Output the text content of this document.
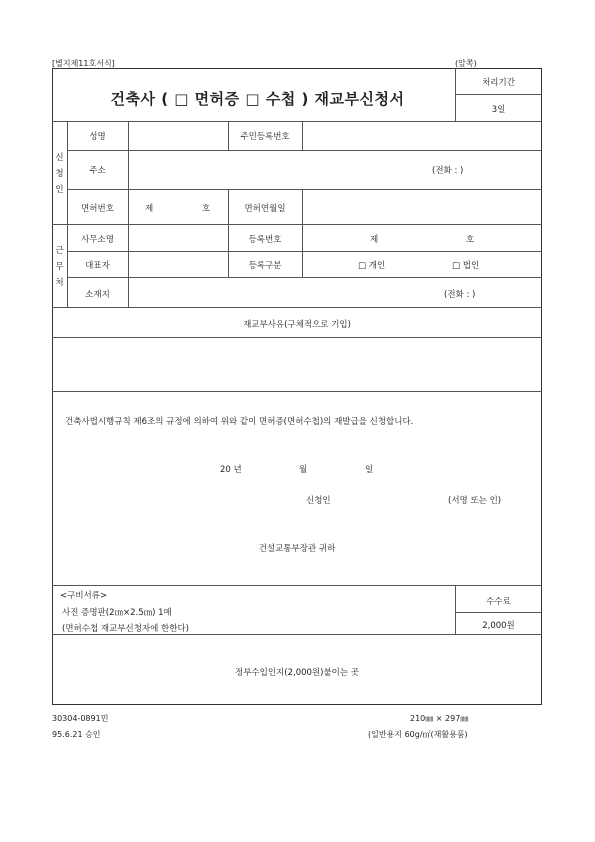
[별지제11호서식]	(앞쪽)
건축사 ( □ 면허증 □ 수첩 ) 재교부신청서
처리기간
3일
신
청
인
성명	주민등록번호
주소	(전화 : )
면허번호	제	호	면허연월일
근
무
처
사무소명	등록번호	제	호
대표자	등록구분	□ 개인	□ 법인
소재지	(전화 : )
재교부사유(구체적으로 기입)
건축사법시행규칙 제6조의 규정에 의하여 위와 같이 면허증(면허수첩)의 재발급을 신청합니다.
20 년	월	일
신청인	(서명 또는 인)
건설교통부장관 귀하
<구비서류>
사진 증명판(2㎝×2.5㎝) 1매
(면허수첩 재교부신청자에 한한다)
수수료
2,000원
정부수입인지(2,000원)붙이는 곳
30304-0891민
95.6.21 승인
210㎜ × 297㎜
(일반용지 60g/㎡(재활용품)
